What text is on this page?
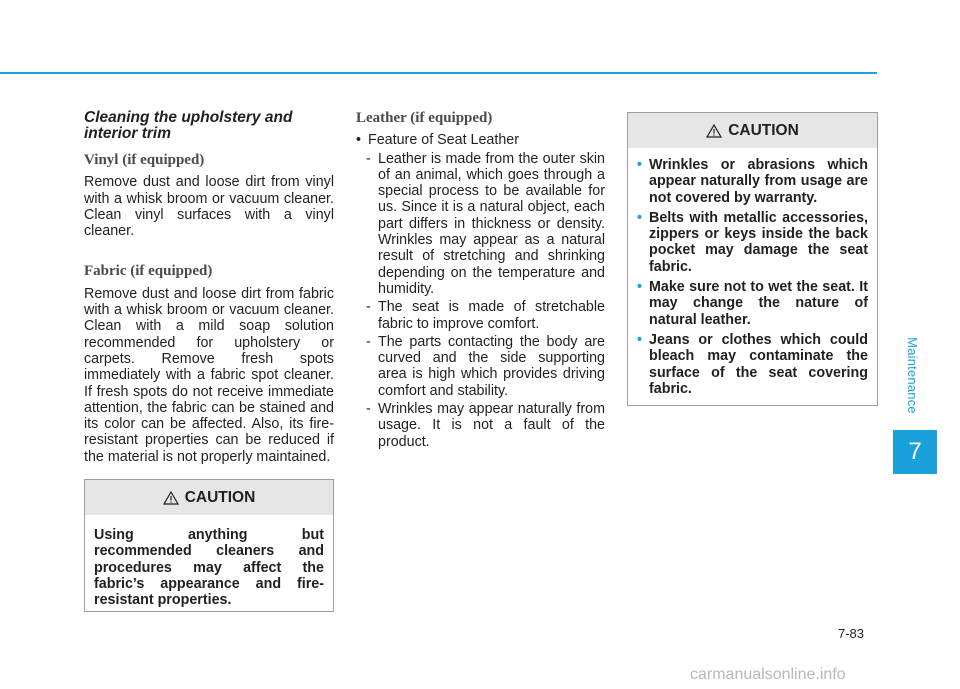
Maintenance
7
Cleaning the upholstery and interior trim
Vinyl (if equipped)

Remove dust and loose dirt from vinyl with a whisk broom or vacuum cleaner. Clean vinyl surfaces with a vinyl cleaner.

Fabric (if equipped)

Remove dust and loose dirt from fabric with a whisk broom or vacuum cleaner. Clean with a mild soap solution recommended for upholstery or carpets. Remove fresh spots immediately with a fabric spot cleaner. If fresh spots do not receive immediate attention, the fabric can be stained and its color can be affected. Also, its fire-resistant properties can be reduced if the material is not properly maintained.

CAUTION

Using anything but recommended cleaners and procedures may affect the fabric’s appearance and fire-resistant properties.

Leather (if equipped)
• Feature of Seat Leather
- Leather is made from the outer skin of an animal, which goes through a special process to be available for us. Since it is a natural object, each part differs in thickness or density. Wrinkles may appear as a natural result of stretching and shrinking depending on the temperature and humidity.

- The seat is made of stretchable fabric to improve comfort.

- The parts contacting the body are curved and the side supporting area is high which provides driving comfort and stability.

- Wrinkles may appear naturally from usage. It is not a fault of the product.

CAUTION
• Wrinkles or abrasions which appear naturally from usage are not covered by warranty.

• Belts with metallic accessories, zippers or keys inside the back pocket may damage the seat fabric.

• Make sure not to wet the seat. It may change the nature of natural leather.

• Jeans or clothes which could bleach may contaminate the surface of the seat covering fabric.

7-83
carmanualsonline.info
